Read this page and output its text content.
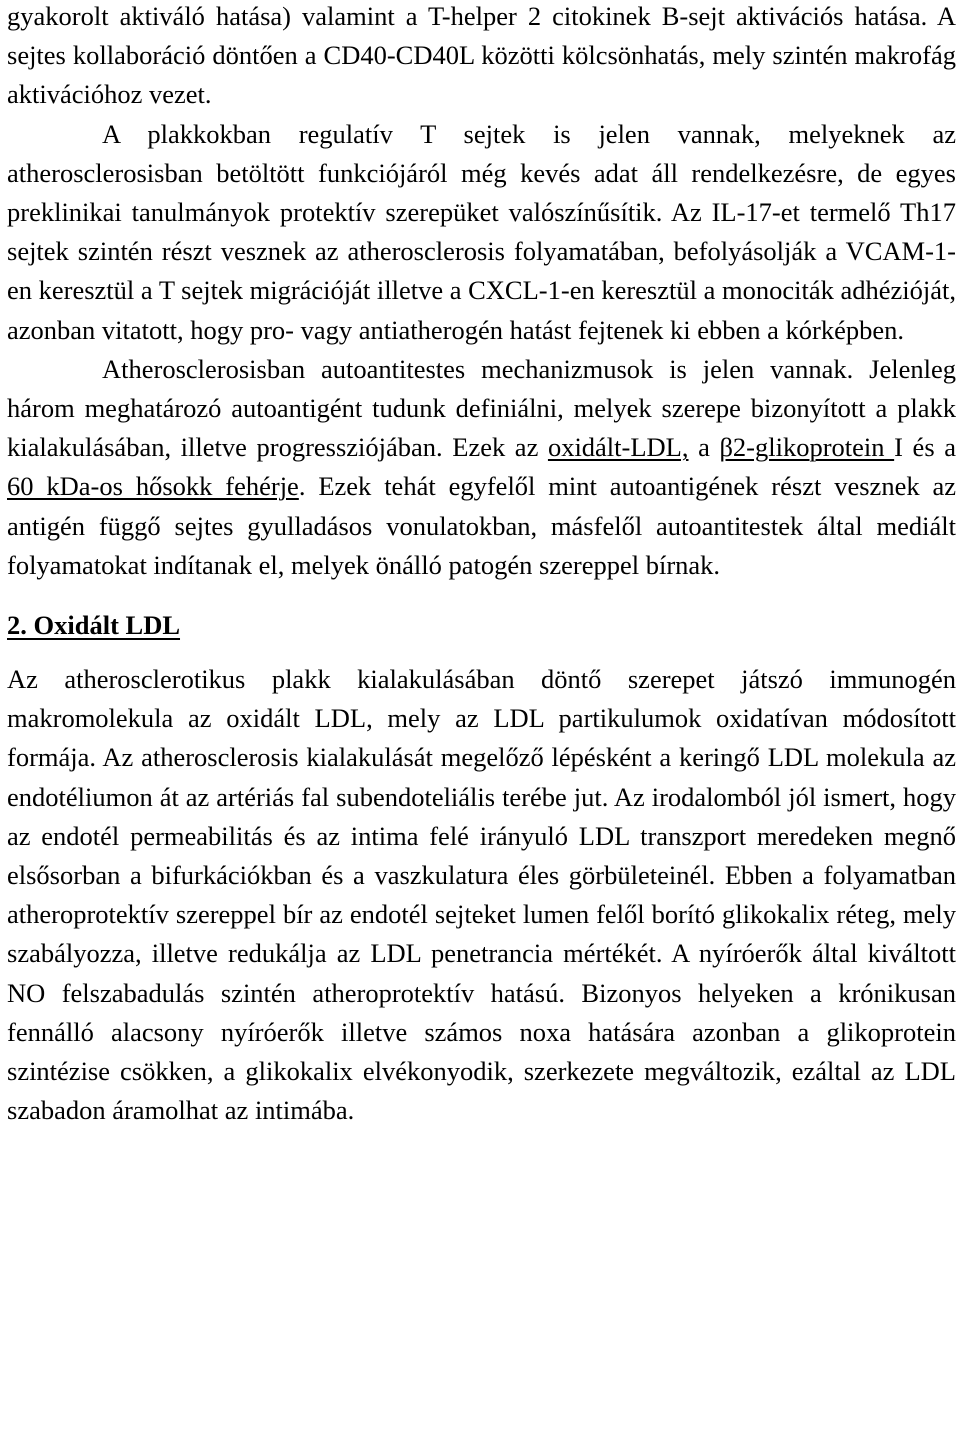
gyakorolt aktiváló hatása) valamint a T-helper 2 citokinek B-sejt aktivációs hatása. A sejtes kollaboráció döntően a CD40-CD40L közötti kölcsönhatás, mely szintén makrofág aktivációhoz vezet.

A plakkokban regulatív T sejtek is jelen vannak, melyeknek az atherosclerosisban betöltött funkciójáról még kevés adat áll rendelkezésre, de egyes preklinikai tanulmányok protektív szerepüket valószínűsítik. Az IL-17-et termelő Th17 sejtek szintén részt vesznek az atherosclerosis folyamatában, befolyásolják a VCAM-1-en keresztül a T sejtek migrációját illetve a CXCL-1-en keresztül a monociták adhézióját, azonban vitatott, hogy pro- vagy antiatherogén hatást fejtenek ki ebben a kórképben.

Atherosclerosisban autoantitestes mechanizmusok is jelen vannak. Jelenleg három meghatározó autoantigént tudunk definiálni, melyek szerepe bizonyított a plakk kialakulásában, illetve progressziójában. Ezek az oxidált-LDL, a β2-glikoprotein I és a 60 kDa-os hősokk fehérje. Ezek tehát egyfelől mint autoantigének részt vesznek az antigén függő sejtes gyulladásos vonulatokban, másfelől autoantitestek által mediált folyamatokat indítanak el, melyek önálló patogén szereppel bírnak.

2. Oxidált LDL

Az atherosclerotikus plakk kialakulásában döntő szerepet játszó immunogén makromolekula az oxidált LDL, mely az LDL partikulumok oxidatívan módosított formája. Az atherosclerosis kialakulását megelőző lépésként a keringő LDL molekula az endotéliumon át az artériás fal subendoteliális terébe jut. Az irodalomból jól ismert, hogy az endotél permeabilitás és az intima felé irányuló LDL transzport meredeken megnő elsősorban a bifurkációkban és a vaszkulatura éles görbületeinél. Ebben a folyamatban atheroprotektív szereppel bír az endotél sejteket lumen felől borító glikokalix réteg, mely szabályozza, illetve redukálja az LDL penetrancia mértékét. A nyíróerők által kiváltott NO felszabadulás szintén atheroprotektív hatású. Bizonyos helyeken a krónikusan fennálló alacsony nyíróerők illetve számos noxa hatására azonban a glikoprotein szintézise csökken, a glikokalix elvékonyodik, szerkezete megváltozik, ezáltal az LDL szabadon áramolhat az intimába.
